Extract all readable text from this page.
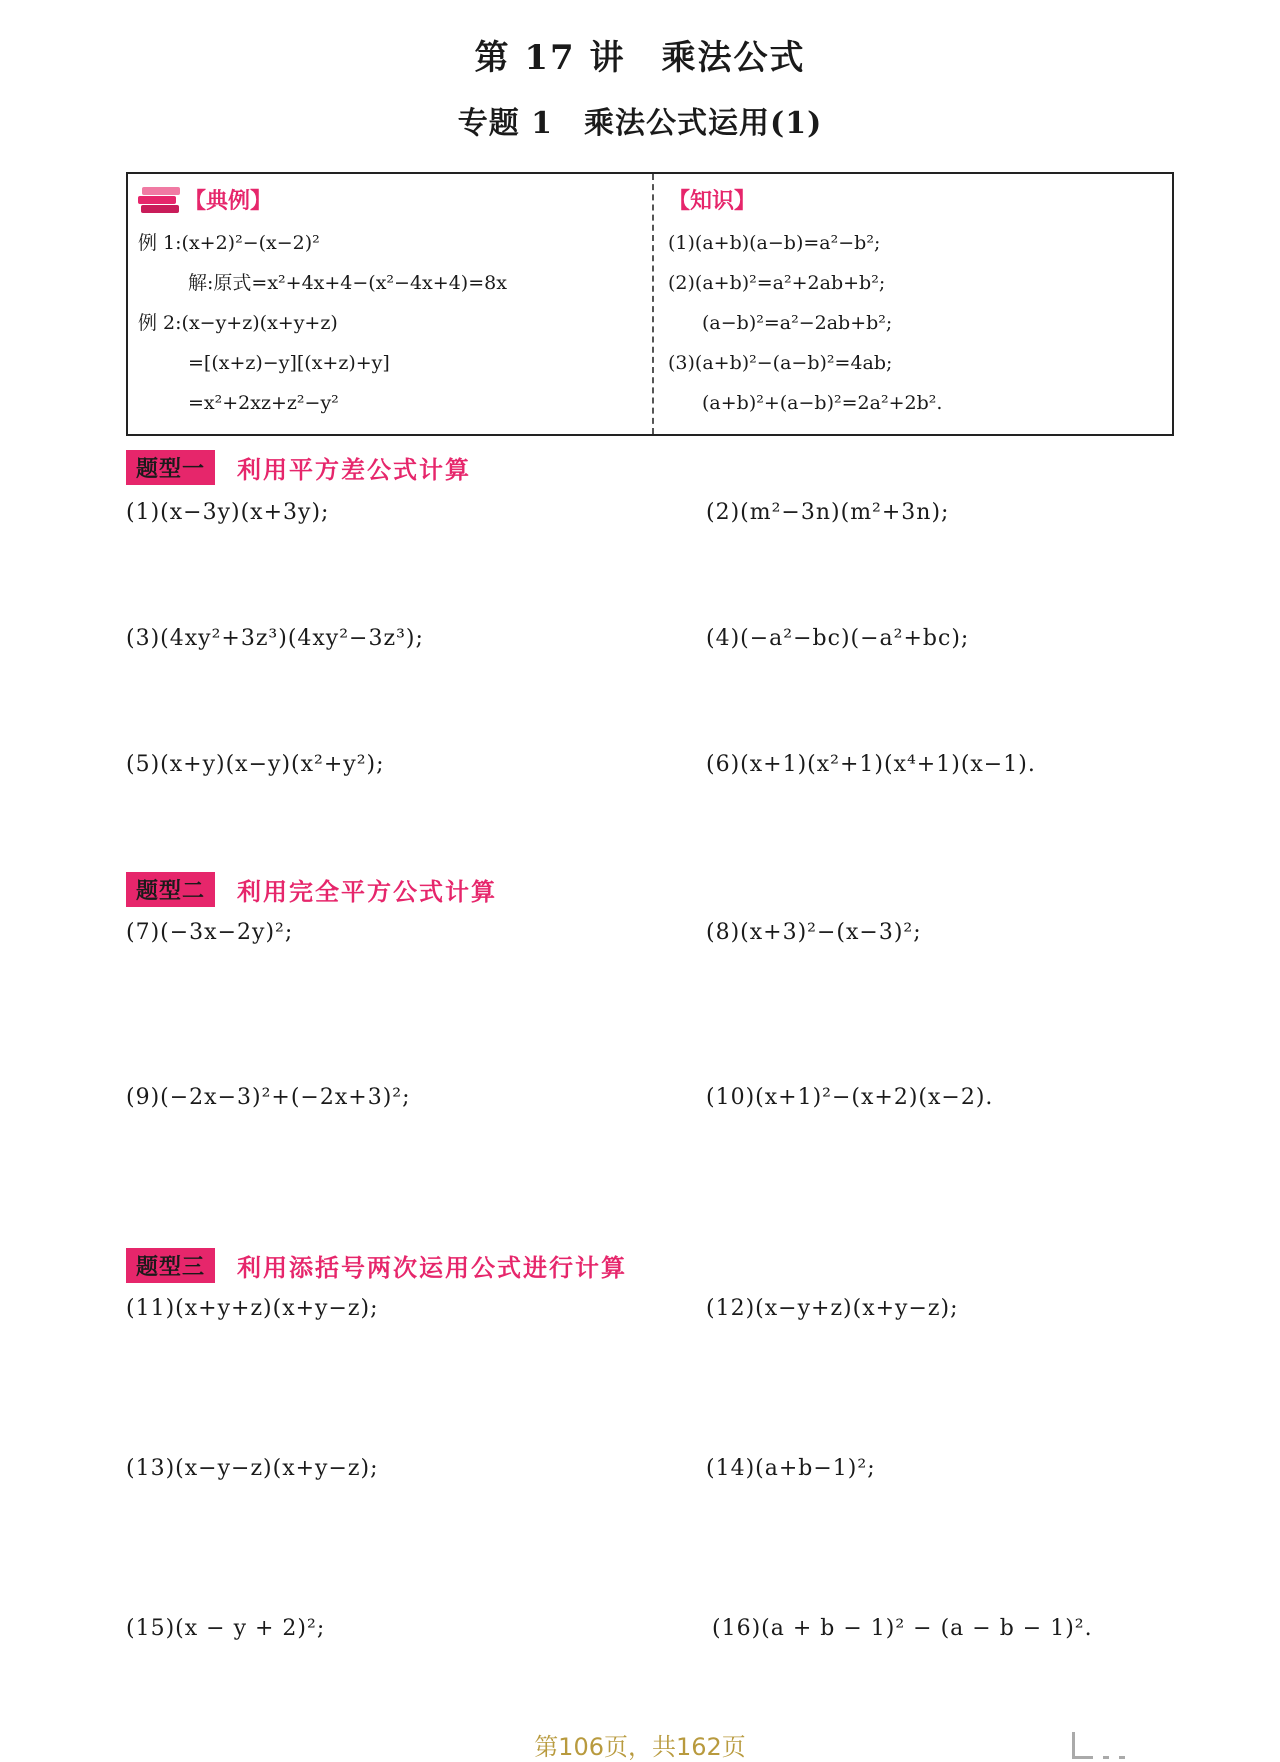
第 17 讲　乘法公式
专题 1　乘法公式运用(1)
【典例】
例 1:(x+2)²−(x−2)²
解:原式=x²+4x+4−(x²−4x+4)=8x
例 2:(x−y+z)(x+y+z)
=[(x+z)−y][(x+z)+y]
=x²+2xz+z²−y²
【知识】
(1)(a+b)(a−b)=a²−b²;
(2)(a+b)²=a²+2ab+b²;
(a−b)²=a²−2ab+b²;
(3)(a+b)²−(a−b)²=4ab;
(a+b)²+(a−b)²=2a²+2b².
题型一	利用平方差公式计算
(1)(x−3y)(x+3y);	(2)(m²−3n)(m²+3n);
(3)(4xy²+3z³)(4xy²−3z³);	(4)(−a²−bc)(−a²+bc);
(5)(x+y)(x−y)(x²+y²);	(6)(x+1)(x²+1)(x⁴+1)(x−1).
题型二	利用完全平方公式计算
(7)(−3x−2y)²;	(8)(x+3)²−(x−3)²;
(9)(−2x−3)²+(−2x+3)²;	(10)(x+1)²−(x+2)(x−2).
题型三	利用添括号两次运用公式进行计算
(11)(x+y+z)(x+y−z);	(12)(x−y+z)(x+y−z);
(13)(x−y−z)(x+y−z);	(14)(a+b−1)²;
(15)(x − y + 2)²;	(16)(a + b − 1)² − (a − b − 1)².
第106页，共162页
